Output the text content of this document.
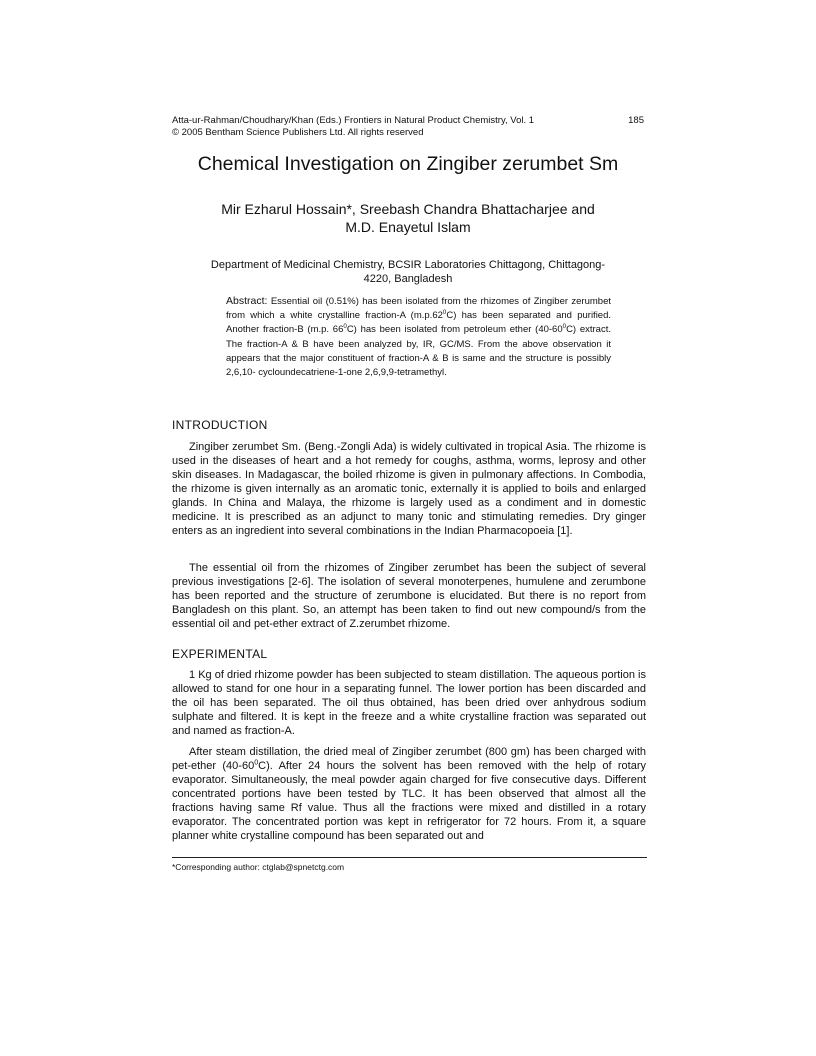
Atta-ur-Rahman/Choudhary/Khan (Eds.) Frontiers in Natural Product Chemistry, Vol. 1	185
© 2005 Bentham Science Publishers Ltd. All rights reserved
Chemical Investigation on Zingiber zerumbet Sm
Mir Ezharul Hossain*, Sreebash Chandra Bhattacharjee and
M.D. Enayetul Islam
Department of Medicinal Chemistry, BCSIR Laboratories Chittagong, Chittagong-
4220, Bangladesh
Abstract: Essential oil (0.51%) has been isolated from the rhizomes of Zingiber zerumbet from which a white crystalline fraction-A $(m.p.62^0C)$ has been separated and purified. Another fraction-B (m.p. $66^0C$) has been isolated from petroleum ether $(40-60^0C)$ extract. The fraction-A & B have been analyzed by, IR, GC/MS. From the above observation it appears that the major constituent of fraction-A & B is same and the structure is possibly 2,6,10- cycloundecatriene-1-one 2,6,9,9-tetramethyl.
INTRODUCTION
Zingiber zerumbet Sm. (Beng.-Zongli Ada) is widely cultivated in tropical Asia. The rhizome is used in the diseases of heart and a hot remedy for coughs, asthma, worms, leprosy and other skin diseases. In Madagascar, the boiled rhizome is given in pulmonary affections. In Combodia, the rhizome is given internally as an aromatic tonic, externally it is applied to boils and enlarged glands. In China and Malaya, the rhizome is largely used as a condiment and in domestic medicine. It is prescribed as an adjunct to many tonic and stimulating remedies. Dry ginger enters as an ingredient into several combinations in the Indian Pharmacopoeia [1].
The essential oil from the rhizomes of Zingiber zerumbet has been the subject of several previous investigations [2-6]. The isolation of several monoterpenes, humulene and zerumbone has been reported and the structure of zerumbone is elucidated. But there is no report from Bangladesh on this plant. So, an attempt has been taken to find out new compound/s from the essential oil and pet-ether extract of Z.zerumbet rhizome.
EXPERIMENTAL
1 Kg of dried rhizome powder has been subjected to steam distillation. The aqueous portion is allowed to stand for one hour in a separating funnel. The lower portion has been discarded and the oil has been separated. The oil thus obtained, has been dried over anhydrous sodium sulphate and filtered. It is kept in the freeze and a white crystalline fraction was separated out and named as fraction-A.
After steam distillation, the dried meal of Zingiber zerumbet (800 gm) has been charged with pet-ether $(40-60^0C)$. After 24 hours the solvent has been removed with the help of rotary evaporator. Simultaneously, the meal powder again charged for five consecutive days. Different concentrated portions have been tested by TLC. It has been observed that almost all the fractions having same Rf value. Thus all the fractions were mixed and distilled in a rotary evaporator. The concentrated portion was kept in refrigerator for 72 hours. From it, a square planner white crystalline compound has been separated out and
*Corresponding author: ctglab@spnetctg.com
